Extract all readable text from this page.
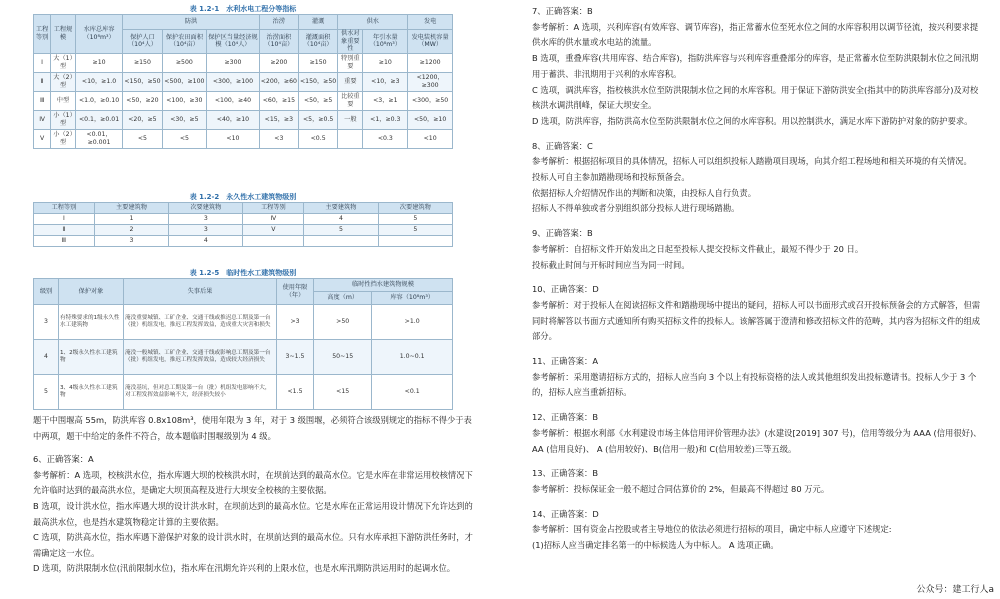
表 1.2-1　水利水电工程分等指标

工程等别	工程规模	水库总库容（10⁸m³）	防洪			治涝	灌溉	供水		发电
			保护人口（10⁴人）	保护农田面积（10⁴亩）	保护区当量经济规模（10⁴人）	治涝面积（10⁴亩）	灌溉面积（10⁴亩）	供水对象重要性	年引水量（10⁸m³）	发电装机容量（MW）
Ⅰ	大（1）型	≥10	≥150	≥500	≥300	≥200	≥150	特别重要	≥10	≥1200
Ⅱ	大（2）型	<10，≥1.0	<150，≥50	<500，≥100	<300，≥100	<200，≥60	<150，≥50	重要	<10，≥3	<1200，≥300
Ⅲ	中型	<1.0，≥0.10	<50，≥20	<100，≥30	<100，≥40	<60，≥15	<50，≥5	比较重要	<3，≥1	<300，≥50
Ⅳ	小（1）型	<0.1，≥0.01	<20，≥5	<30，≥5	<40，≥10	<15，≥3	<5，≥0.5	一般	<1，≥0.3	<50，≥10
Ⅴ	小（2）型	<0.01，≥0.001	<5	<5	<10	<3	<0.5		<0.3	<10

表 1.2-2　永久性水工建筑物级别

工程等别	主要建筑物	次要建筑物	工程等别	主要建筑物	次要建筑物
Ⅰ	1	3	Ⅳ	4	5
Ⅱ	2	3	Ⅴ	5	5
Ⅲ	3	4			

表 1.2-5　临时性水工建筑物级别

级别	保护对象	失事后果	使用年限（年）	临时性挡水建筑物规模	
				高度（m）	库容（10⁸m³）
3	有特殊要求的1级永久性水工建筑物	淹没重要城镇、工矿企业、交通干线或推迟总工期及第一台（批）机组发电，推迟工程发挥效益，造成重大灾害和损失	>3	>50	>1.0
4	1、2级永久性水工建筑物	淹没一般城镇、工矿企业、交通干线或影响总工期及第一台（批）机组发电，推迟工程发挥效益，造成较大经济损失	3~1.5	50~15	1.0~0.1
5	3、4级永久性水工建筑物	淹没基坑，但对总工期及第一台（批）机组发电影响不大，对工程发挥效益影响不大，经济损失较小	<1.5	<15	<0.1

题干中围堰高 55m，防洪库容 0.8x108m³，使用年限为 3 年，对于 3 级围堰，必须符合该级别规定的指标不得少于表中两项，题干中给定的条件不符合，故本题临时围堰级别为 4 级。

6、正确答案：A

参考解析：A 选项，校核洪水位，指水库遇大坝的校核洪水时，在坝前达到的最高水位。它是水库在非常运用校核情况下允许临时达到的最高洪水位，是确定大坝顶高程及进行大坝安全校核的主要依据。

B 选项，设计洪水位，指水库遇大坝的设计洪水时，在坝前达到的最高水位。它是水库在正常运用设计情况下允许达到的最高洪水位，也是挡水建筑物稳定计算的主要依据。

C 选项，防洪高水位，指水库遇下游保护对象的设计洪水时，在坝前达到的最高水位。只有水库承担下游防洪任务时，才需确定这一水位。

D 选项，防洪限制水位(汛前限制水位)，指水库在汛期允许兴利的上限水位，也是水库汛期防洪运用时的起调水位。

7、正确答案：B

参考解析：A 选项，兴利库容(有效库容、调节库容)，指正常蓄水位至死水位之间的水库容积用以调节径流，按兴利要求提供水库的供水量或水电站的流量。

B 选项，重叠库容(共用库容、结合库容)，指防洪库容与兴利库容重叠部分的库容，是正常蓄水位至防洪限制水位之间汛期用于蓄洪、非汛期用于兴利的水库容积。

C 选项，调洪库容，指校核洪水位至防洪限制水位之间的水库容积。用于保证下游防洪安全(指其中的防洪库容部分)及对校核洪水调洪削峰，保证大坝安全。

D 选项，防洪库容，指防洪高水位至防洪限制水位之间的水库容积。用以控制洪水，满足水库下游防护对象的防护要求。

8、正确答案：C

参考解析：根据招标项目的具体情况，招标人可以组织投标人踏勘项目现场，向其介绍工程场地和相关环境的有关情况。

投标人可自主参加踏勘现场和投标预备会。

依据招标人介绍情况作出的判断和决策，由投标人自行负责。

招标人不得单独或者分别组织部分投标人进行现场踏勘。

9、正确答案：B

参考解析：自招标文件开始发出之日起至投标人提交投标文件截止，最短不得少于 20 日。

投标截止时间与开标时间应当为同一时间。

10、正确答案：D

参考解析：对于投标人在阅读招标文件和踏勘现场中提出的疑问，招标人可以书面形式或召开投标预备会的方式解答，但需同时将解答以书面方式通知所有购买招标文件的投标人。该解答属于澄清和修改招标文件的范畴，其内容为招标文件的组成部分。

11、正确答案：A

参考解析：采用邀请招标方式的，招标人应当向 3 个以上有投标资格的法人或其他组织发出投标邀请书。投标人少于 3 个的，招标人应当重新招标。

12、正确答案：B

参考解析：根据水利部《水利建设市场主体信用评价管理办法》(水建设[2019] 307 号)，信用等级分为 AAA (信用很好)、 AA (信用良好)、 A (信用较好)、B(信用一般)和 C(信用较差)三等五级。

13、正确答案：B

参考解析：投标保证金一般不超过合同估算价的 2%，但最高不得超过 80 万元。

14、正确答案：D

参考解析：国有资金占控股或者主导地位的依法必须进行招标的项目，确定中标人应遵守下述规定:

(1)招标人应当确定排名第一的中标候选人为中标人。 A 选项正确。

公众号：建工行人a
